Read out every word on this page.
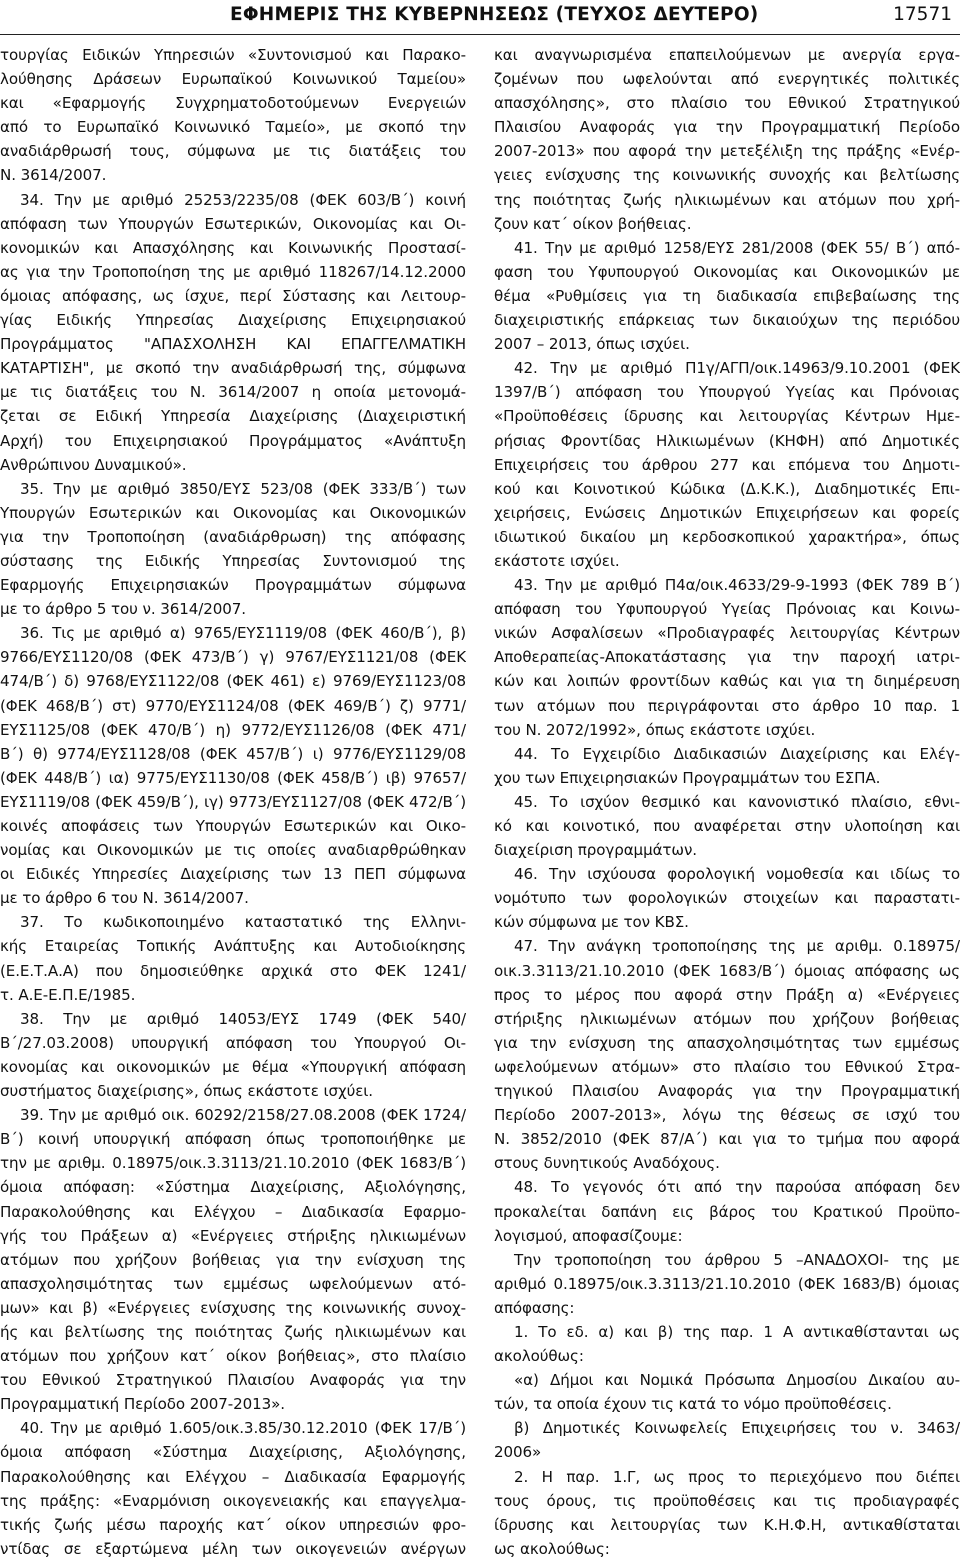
ΕΦΗΜΕΡΙΣ ΤΗΣ ΚΥΒΕΡΝΗΣΕΩΣ (ΤΕΥΧΟΣ ΔΕΥΤΕΡΟ)	17571
τουργίας Ειδικών Υπηρεσιών «Συντονισμού και Παρακο-
λούθησης Δράσεων Ευρωπαϊκού Κοινωνικού Ταμείου»
και «Εφαρμογής Συγχρηματοδοτούμενων Ενεργειών
από το Ευρωπαϊκό Κοινωνικό Ταμείο», με σκοπό την
αναδιάρθρωσή τους, σύμφωνα με τις διατάξεις του
Ν. 3614/2007.
34. Την με αριθμό 25253/2235/08 (ΦΕΚ 603/Β΄) κοινή
απόφαση των Υπουργών Εσωτερικών, Οικονομίας και Οι-
κονομικών και Απασχόλησης και Κοινωνικής Προστασί-
ας για την Τροποποίηση της με αριθμό 118267/14.12.2000
όμοιας απόφασης, ως ίσχυε, περί Σύστασης και Λειτουρ-
γίας Ειδικής Υπηρεσίας Διαχείρισης Επιχειρησιακού
Προγράμματος "ΑΠΑΣΧΟΛΗΣΗ ΚΑΙ ΕΠΑΓΓΕΛΜΑΤΙΚΗ
ΚΑΤΑΡΤΙΣΗ", με σκοπό την αναδιάρθρωσή της, σύμφωνα
με τις διατάξεις του Ν. 3614/2007 η οποία μετονομά-
ζεται σε Ειδική Υπηρεσία Διαχείρισης (Διαχειριστική
Αρχή) του Επιχειρησιακού Προγράμματος «Ανάπτυξη
Ανθρώπινου Δυναμικού».
35. Την με αριθμό 3850/ΕΥΣ 523/08 (ΦΕΚ 333/Β΄) των
Υπουργών Εσωτερικών και Οικονομίας και Οικονομικών
για την Τροποποίηση (αναδιάρθρωση) της απόφασης
σύστασης της Ειδικής Υπηρεσίας Συντονισμού της
Εφαρμογής Επιχειρησιακών Προγραμμάτων σύμφωνα
με το άρθρο 5 του ν. 3614/2007.
36. Τις με αριθμό α) 9765/ΕΥΣ1119/08 (ΦΕΚ 460/Β΄), β)
9766/ΕΥΣ1120/08 (ΦΕΚ 473/Β΄) γ) 9767/ΕΥΣ1121/08 (ΦΕΚ
474/Β΄) δ) 9768/ΕΥΣ1122/08 (ΦΕΚ 461) ε) 9769/ΕΥΣ1123/08
(ΦΕΚ 468/Β΄) στ) 9770/ΕΥΣ1124/08 (ΦΕΚ 469/Β΄) ζ) 9771/
ΕΥΣ1125/08 (ΦΕΚ 470/Β΄) η) 9772/ΕΥΣ1126/08 (ΦΕΚ 471/
Β΄) θ) 9774/ΕΥΣ1128/08 (ΦΕΚ 457/Β΄) ι) 9776/ΕΥΣ1129/08
(ΦΕΚ 448/Β΄) ια) 9775/ΕΥΣ1130/08 (ΦΕΚ 458/Β΄) ιβ) 97657/
ΕΥΣ1119/08 (ΦΕΚ 459/Β΄), ιγ) 9773/ΕΥΣ1127/08 (ΦΕΚ 472/Β΄)
κοινές αποφάσεις των Υπουργών Εσωτερικών και Οικο-
νομίας και Οικονομικών με τις οποίες αναδιαρθρώθηκαν
οι Ειδικές Υπηρεσίες Διαχείρισης των 13 ΠΕΠ σύμφωνα
με το άρθρο 6 του Ν. 3614/2007.
37. Το κωδικοποιημένο καταστατικό της Ελληνι-
κής Εταιρείας Τοπικής Ανάπτυξης και Αυτοδιοίκησης
(Ε.Ε.Τ.Α.Α) που δημοσιεύθηκε αρχικά στο ΦΕΚ 1241/
τ. Α.Ε-Ε.Π.Ε/1985.
38. Την με αριθμό 14053/ΕΥΣ 1749 (ΦΕΚ 540/
Β΄/27.03.2008) υπουργική απόφαση του Υπουργού Οι-
κονομίας και οικονομικών με θέμα «Υπουργική απόφαση
συστήματος διαχείρισης», όπως εκάστοτε ισχύει.
39. Την με αριθμό οικ. 60292/2158/27.08.2008 (ΦΕΚ 1724/
Β΄) κοινή υπουργική απόφαση όπως τροποποιήθηκε με
την με αριθμ. 0.18975/οικ.3.3113/21.10.2010 (ΦΕΚ 1683/Β΄)
όμοια απόφαση: «Σύστημα Διαχείρισης, Αξιολόγησης,
Παρακολούθησης και Ελέγχου – Διαδικασία Εφαρμο-
γής του Πράξεων α) «Ενέργειες στήριξης ηλικιωμένων
ατόμων που χρήζουν βοήθειας για την ενίσχυση της
απασχολησιμότητας των εμμέσως ωφελούμενων ατό-
μων» και β) «Ενέργειες ενίσχυσης της κοινωνικής συνοχ-
ής και βελτίωσης της ποιότητας ζωής ηλικιωμένων και
ατόμων που χρήζουν κατ΄ οίκον βοήθειας», στο πλαίσιο
του Εθνικού Στρατηγικού Πλαισίου Αναφοράς για την
Προγραμματική Περίοδο 2007-2013».
40. Την με αριθμό 1.605/οικ.3.85/30.12.2010 (ΦΕΚ 17/Β΄)
όμοια απόφαση «Σύστημα Διαχείρισης, Αξιολόγησης,
Παρακολούθησης και Ελέγχου – Διαδικασία Εφαρμογής
της πράξης: «Εναρμόνιση οικογενειακής και επαγγελμα-
τικής ζωής μέσω παροχής κατ΄ οίκον υπηρεσιών φρο-
ντίδας σε εξαρτώμενα μέλη των οικογενειών ανέργων
και αναγνωρισμένα επαπειλούμενων με ανεργία εργα-
ζομένων που ωφελούνται από ενεργητικές πολιτικές
απασχόλησης», στο πλαίσιο του Εθνικού Στρατηγικού
Πλαισίου Αναφοράς για την Προγραμματική Περίοδο
2007-2013» που αφορά την μετεξέλιξη της πράξης «Ενέρ-
γειες ενίσχυσης της κοινωνικής συνοχής και βελτίωσης
της ποιότητας ζωής ηλικιωμένων και ατόμων που χρή-
ζουν κατ΄ οίκον βοήθειας.
41. Την με αριθμό 1258/ΕΥΣ 281/2008 (ΦΕΚ 55/ Β΄) από-
φαση του Υφυπουργού Οικονομίας και Οικονομικών με
θέμα «Ρυθμίσεις για τη διαδικασία επιβεβαίωσης της
διαχειριστικής επάρκειας των δικαιούχων της περιόδου
2007 – 2013, όπως ισχύει.
42. Την με αριθμό Π1γ/ΑΓΠ/οικ.14963/9.10.2001 (ΦΕΚ
1397/Β΄) απόφαση του Υπουργού Υγείας και Πρόνοιας
«Προϋποθέσεις ίδρυσης και λειτουργίας Κέντρων Ημε-
ρήσιας Φροντίδας Ηλικιωμένων (ΚΗΦΗ) από Δημοτικές
Επιχειρήσεις του άρθρου 277 και επόμενα του Δημοτι-
κού και Κοινοτικού Κώδικα (Δ.Κ.Κ.), Διαδημοτικές Επι-
χειρήσεις, Ενώσεις Δημοτικών Επιχειρήσεων και φορείς
ιδιωτικού δικαίου μη κερδοσκοπικού χαρακτήρα», όπως
εκάστοτε ισχύει.
43. Την με αριθμό Π4α/οικ.4633/29-9-1993 (ΦΕΚ 789 Β΄)
απόφαση του Υφυπουργού Υγείας Πρόνοιας και Κοινω-
νικών Ασφαλίσεων «Προδιαγραφές λειτουργίας Κέντρων
Αποθεραπείας-Αποκατάστασης για την παροχή ιατρι-
κών και λοιπών φροντίδων καθώς και για τη διημέρευση
των ατόμων που περιγράφονται στο άρθρο 10 παρ. 1
του Ν. 2072/1992», όπως εκάστοτε ισχύει.
44. Το Εγχειρίδιο Διαδικασιών Διαχείρισης και Ελέγ-
χου των Επιχειρησιακών Προγραμμάτων του ΕΣΠΑ.
45. Το ισχύον θεσμικό και κανονιστικό πλαίσιο, εθνι-
κό και κοινοτικό, που αναφέρεται στην υλοποίηση και
διαχείριση προγραμμάτων.
46. Την ισχύουσα φορολογική νομοθεσία και ιδίως το
νομότυπο των φορολογικών στοιχείων και παραστατι-
κών σύμφωνα με τον ΚΒΣ.
47. Την ανάγκη τροποποίησης της με αριθμ. 0.18975/
οικ.3.3113/21.10.2010 (ΦΕΚ 1683/Β΄) όμοιας απόφασης ως
προς το μέρος που αφορά στην Πράξη α) «Ενέργειες
στήριξης ηλικιωμένων ατόμων που χρήζουν βοήθειας
για την ενίσχυση της απασχολησιμότητας των εμμέσως
ωφελούμενων ατόμων» στο πλαίσιο του Εθνικού Στρα-
τηγικού Πλαισίου Αναφοράς για την Προγραμματική
Περίοδο 2007-2013», λόγω της θέσεως σε ισχύ του
Ν. 3852/2010 (ΦΕΚ 87/Α΄) και για το τμήμα που αφορά
στους δυνητικούς Αναδόχους.
48. Το γεγονός ότι από την παρούσα απόφαση δεν
προκαλείται δαπάνη εις βάρος του Κρατικού Προϋπο-
λογισμού, αποφασίζουμε:
Την τροποποίηση του άρθρου 5 –ΑΝΑΔΟΧΟΙ- της με
αριθμό 0.18975/οικ.3.3113/21.10.2010 (ΦΕΚ 1683/Β) όμοιας
απόφασης:
1. Το εδ. α) και β) της παρ. 1 Α αντικαθίστανται ως
ακολούθως:
«α) Δήμοι και Νομικά Πρόσωπα Δημοσίου Δικαίου αυ-
τών, τα οποία έχουν τις κατά το νόμο προϋποθέσεις.
β) Δημοτικές Κοινωφελείς Επιχειρήσεις του ν. 3463/
2006»
2. Η παρ. 1.Γ, ως προς το περιεχόμενο που διέπει
τους όρους, τις προϋποθέσεις και τις προδιαγραφές
ίδρυσης και λειτουργίας των Κ.Η.Φ.Η, αντικαθίσταται
ως ακολούθως:
